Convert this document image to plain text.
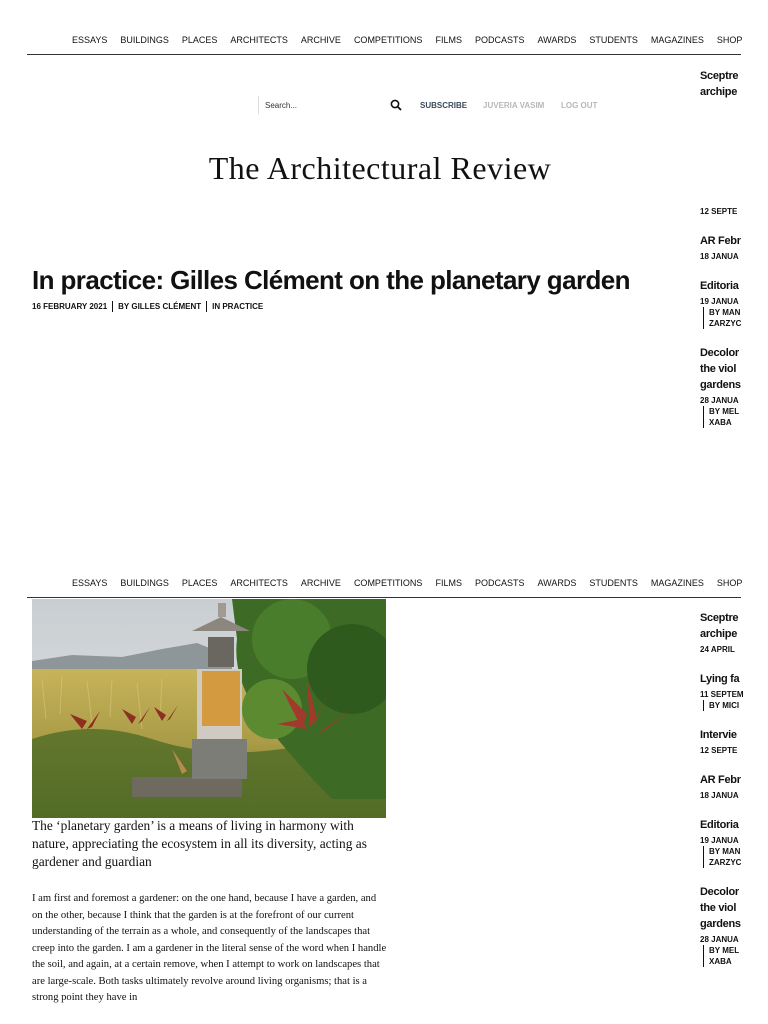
ESSAYS BUILDINGS PLACES ARCHITECTS ARCHIVE COMPETITIONS FILMS PODCASTS AWARDS STUDENTS MAGAZINES SHOP
Search...
SUBSCRIBE JUVERIA VASIM LOG OUT
The Architectural Review
In practice: Gilles Clément on the planetary garden
16 FEBRUARY 2021 BY GILLES CLÉMENT IN PRACTICE
Sceptre
archipe
12 SEPTE
AR Febr
18 JANUA
Editoria
19 JANUA
BY MAN
ZARZYC
Decolor
the viol
gardens
28 JANUA
BY MEL
XABA
ESSAYS BUILDINGS PLACES ARCHITECTS ARCHIVE COMPETITIONS FILMS PODCASTS AWARDS STUDENTS MAGAZINES SHOP
The ‘planetary garden’ is a means of living in harmony with nature, appreciating the ecosystem in all its diversity, acting as gardener and guardian
I am first and foremost a gardener: on the one hand, because I have a garden, and on the other, because I think that the garden is at the forefront of our current understanding of the terrain as a whole, and consequently of the landscapes that creep into the garden. I am a gardener in the literal sense of the word when I handle the soil, and again, at a certain remove, when I attempt to work on landscapes that are large-scale. Both tasks ultimately revolve around living organisms; that is a strong point they have in
Sceptre
archipe
24 APRIL
Lying fa
11 SEPTEM
BY MICI
Intervie
12 SEPTE
AR Febr
18 JANUA
Editoria
19 JANUA
BY MAN
ZARZYC
Decolor
the viol
gardens
28 JANUA
BY MEL
XABA
